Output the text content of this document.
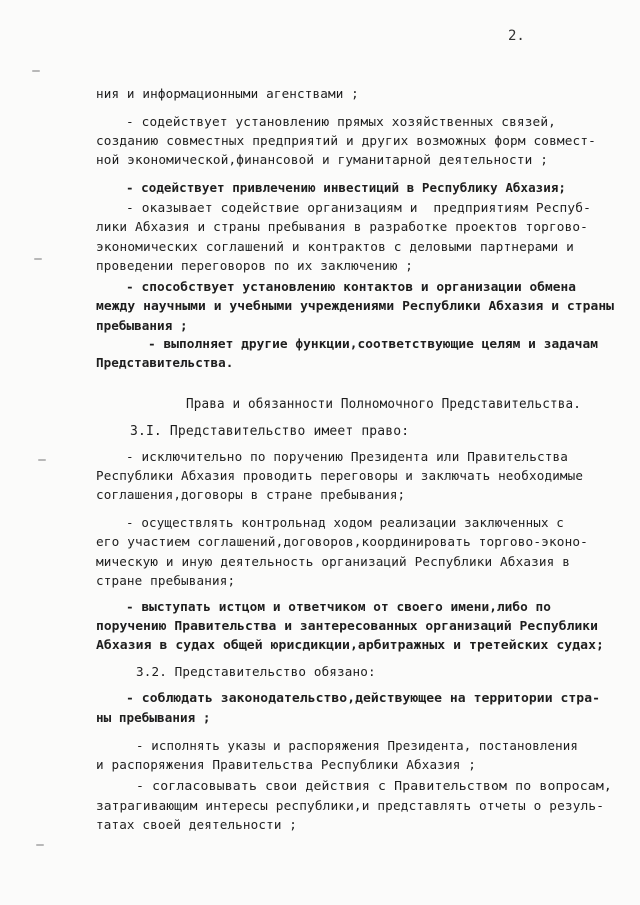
2.
ния и информационными агенствами ;
- содействует установлению прямых хозяйственных связей,
созданию совместных предприятий и других возможных форм совмест-
ной экономической,финансовой и гуманитарной деятельности ;
- содействует привлечению инвестиций в Республику Абхазия;
- оказывает содействие организациям и  предприятиям Респуб-
лики Абхазия и страны пребывания в разработке проектов торгово-
экономических соглашений и контрактов с деловыми партнерами и
проведении переговоров по их заключению ;
- способствует установлению контактов и организации обмена
между научными и учебными учреждениями Республики Абхазия и страны
пребывания ;
- выполняет другие функции,соответствующие целям и задачам
Представительства.
Права и обязанности Полномочного Представительства.
3.I. Представительство имеет право:
- исключительно по поручению Президента или Правительства
Республики Абхазия проводить переговоры и заключать необходимые
соглашения,договоры в стране пребывания;
- осуществлять контрольнад ходом реализации заключенных с
его участием соглашений,договоров,координировать торгово-эконо-
мическую и иную деятельность организаций Республики Абхазия в
стране пребывания;
- выступать истцом и ответчиком от своего имени,либо по
поручению Правительства и зантересованных организаций Республики
Абхазия в судах общей юрисдикции,арбитражных и третейских судах;
3.2. Представительство обязано:
- соблюдать законодательство,действующее на территории стра-
ны пребывания ;
- исполнять указы и распоряжения Президента, постановления
и распоряжения Правительства Республики Абхазия ;
- согласовывать свои действия с Правительством по вопросам,
затрагивающим интересы республики,и представлять отчеты о резуль-
татах своей деятельности ;
